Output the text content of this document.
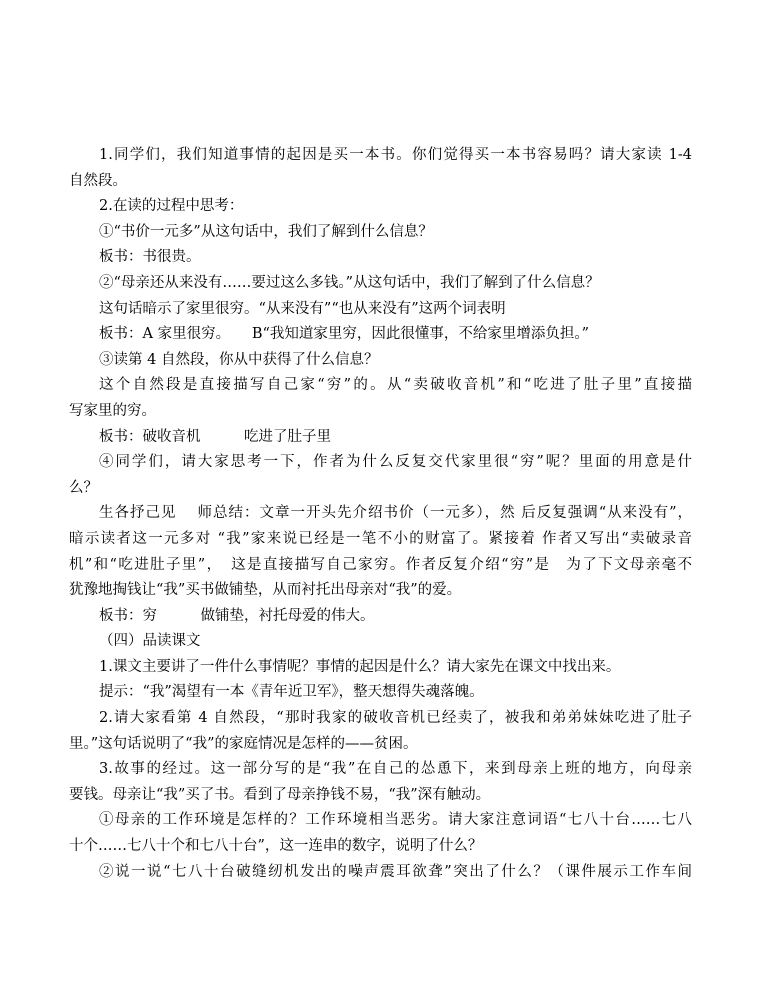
1.同学们，我们知道事情的起因是买一本书。你们觉得买一本书容易吗？请大家读 1-4
自然段。
2.在读的过程中思考：
①“书价一元多”从这句话中，我们了解到什么信息？
板书：书很贵。
②“母亲还从来没有……要过这么多钱。”从这句话中，我们了解到了什么信息？
这句话暗示了家里很穷。“从来没有”“也从来没有”这两个词表明
板书：A 家里很穷。　　B“我知道家里穷，因此很懂事，不给家里增添负担。”
③读第 4 自然段，你从中获得了什么信息？
这个自然段是直接描写自己家“穷”的。从“卖破收音机”和“吃进了肚子里”直接描
写家里的穷。
板书：破收音机　　　吃进了肚子里
④同学们，请大家思考一下，作者为什么反复交代家里很“穷”呢？里面的用意是什
么？
生各抒己见　 师总结：文章一开头先介绍书价（一元多），然 后反复强调“从来没有”，
暗示读者这一元多对 “我”家来说已经是一笔不小的财富了。紧接着 作者又写出“卖破录音
机”和“吃进肚子里”，　这是直接描写自己家穷。作者反复介绍“穷”是　为了下文母亲毫不
犹豫地掏钱让“我”买书做铺垫，从而衬托出母亲对“我”的爱。
板书：穷　　　做铺垫，衬托母爱的伟大。
（四）品读课文
1.课文主要讲了一件什么事情呢？事情的起因是什么？请大家先在课文中找出来。
提示：“我”渴望有一本《青年近卫军》，整天想得失魂落魄。
2.请大家看第 4 自然段，“那时我家的破收音机已经卖了，被我和弟弟妹妹吃进了肚子
里。”这句话说明了“我”的家庭情况是怎样的——贫困。
3.故事的经过。这一部分写的是“我”在自己的怂恿下，来到母亲上班的地方，向母亲
要钱。母亲让“我”买了书。看到了母亲挣钱不易，“我”深有触动。
①母亲的工作环境是怎样的？工作环境相当恶劣。请大家注意词语“七八十台……七八
十个……七八十个和七八十台”，这一连串的数字，说明了什么？
②说一说“七八十台破缝纫机发出的噪声震耳欲聋”突出了什么？（课件展示工作车间
